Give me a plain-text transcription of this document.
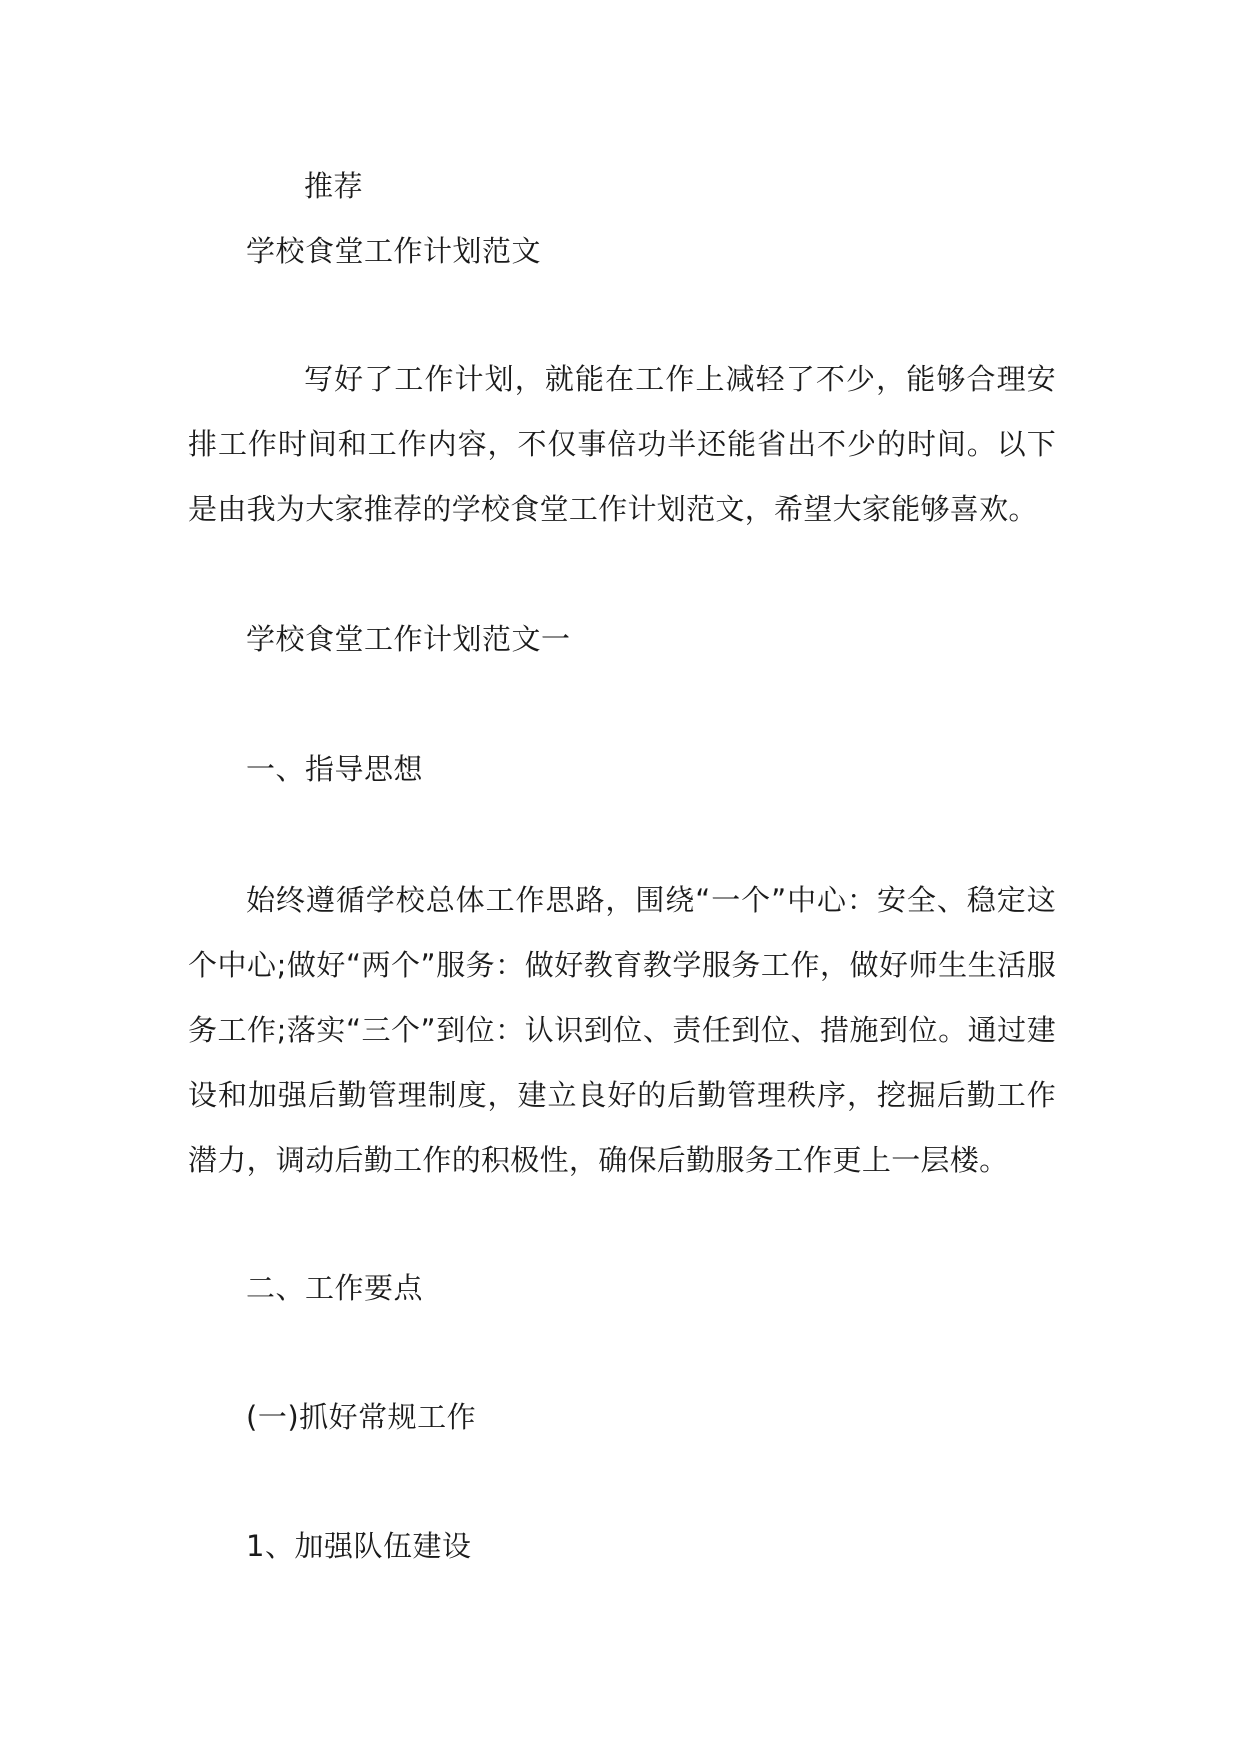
推荐
学校食堂工作计划范文
写好了工作计划，就能在工作上减轻了不少，能够合理安排工作时间和工作内容，不仅事倍功半还能省出不少的时间。以下是由我为大家推荐的学校食堂工作计划范文，希望大家能够喜欢。
学校食堂工作计划范文一
一、指导思想
始终遵循学校总体工作思路，围绕“一个”中心：安全、稳定这个中心;做好“两个”服务：做好教育教学服务工作，做好师生生活服务工作;落实“三个”到位：认识到位、责任到位、措施到位。通过建设和加强后勤管理制度，建立良好的后勤管理秩序，挖掘后勤工作潜力，调动后勤工作的积极性，确保后勤服务工作更上一层楼。
二、工作要点
(一)抓好常规工作
1、加强队伍建设
